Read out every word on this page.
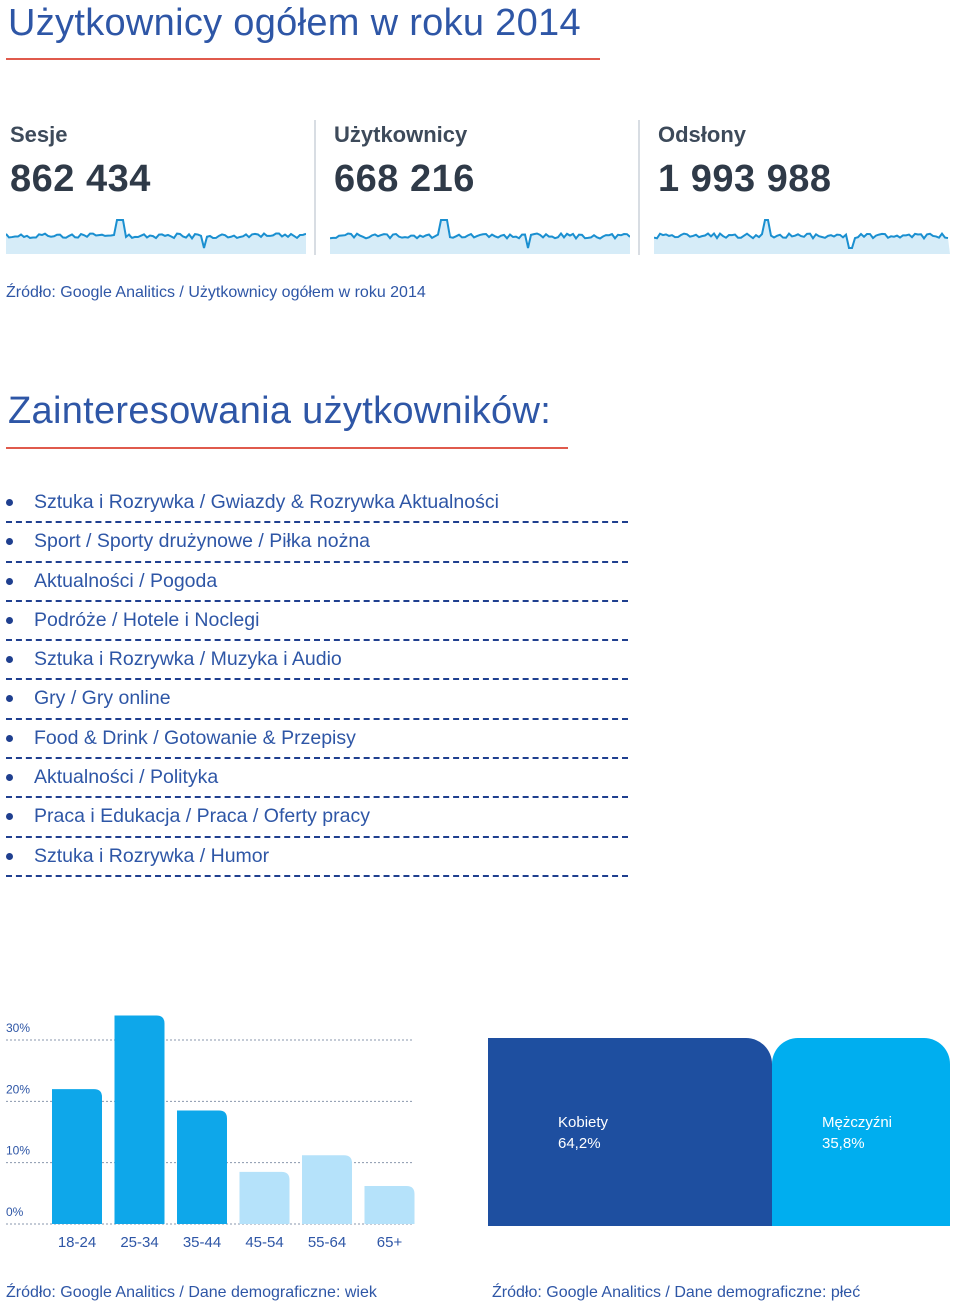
Użytkownicy ogółem w roku 2014
Sesje
862 434
Użytkownicy
668 216
Odsłony
1 993 988

Źródło: Google Analitics / Użytkownicy ogółem w roku 2014

Zainteresowania użytkowników:
Sztuka i Rozrywka / Gwiazdy & Rozrywka Aktualności
Sport / Sporty drużynowe / Piłka nożna
Aktualności / Pogoda
Podróże / Hotele i Noclegi
Sztuka i Rozrywka / Muzyka i Audio
Gry / Gry online
Food & Drink / Gotowanie & Przepisy
Aktualności / Polityka
Praca i Edukacja / Praca / Oferty pracy
Sztuka i Rozrywka / Humor
0%
10%
20%
30%
18-24 25-34 35-44 45-54 55-64 65+

Źródło: Google Analitics / Dane demograficzne: wiek

Kobiety
64,2%
Mężczyźni
35,8%

Źródło: Google Analitics / Dane demograficzne: płeć
